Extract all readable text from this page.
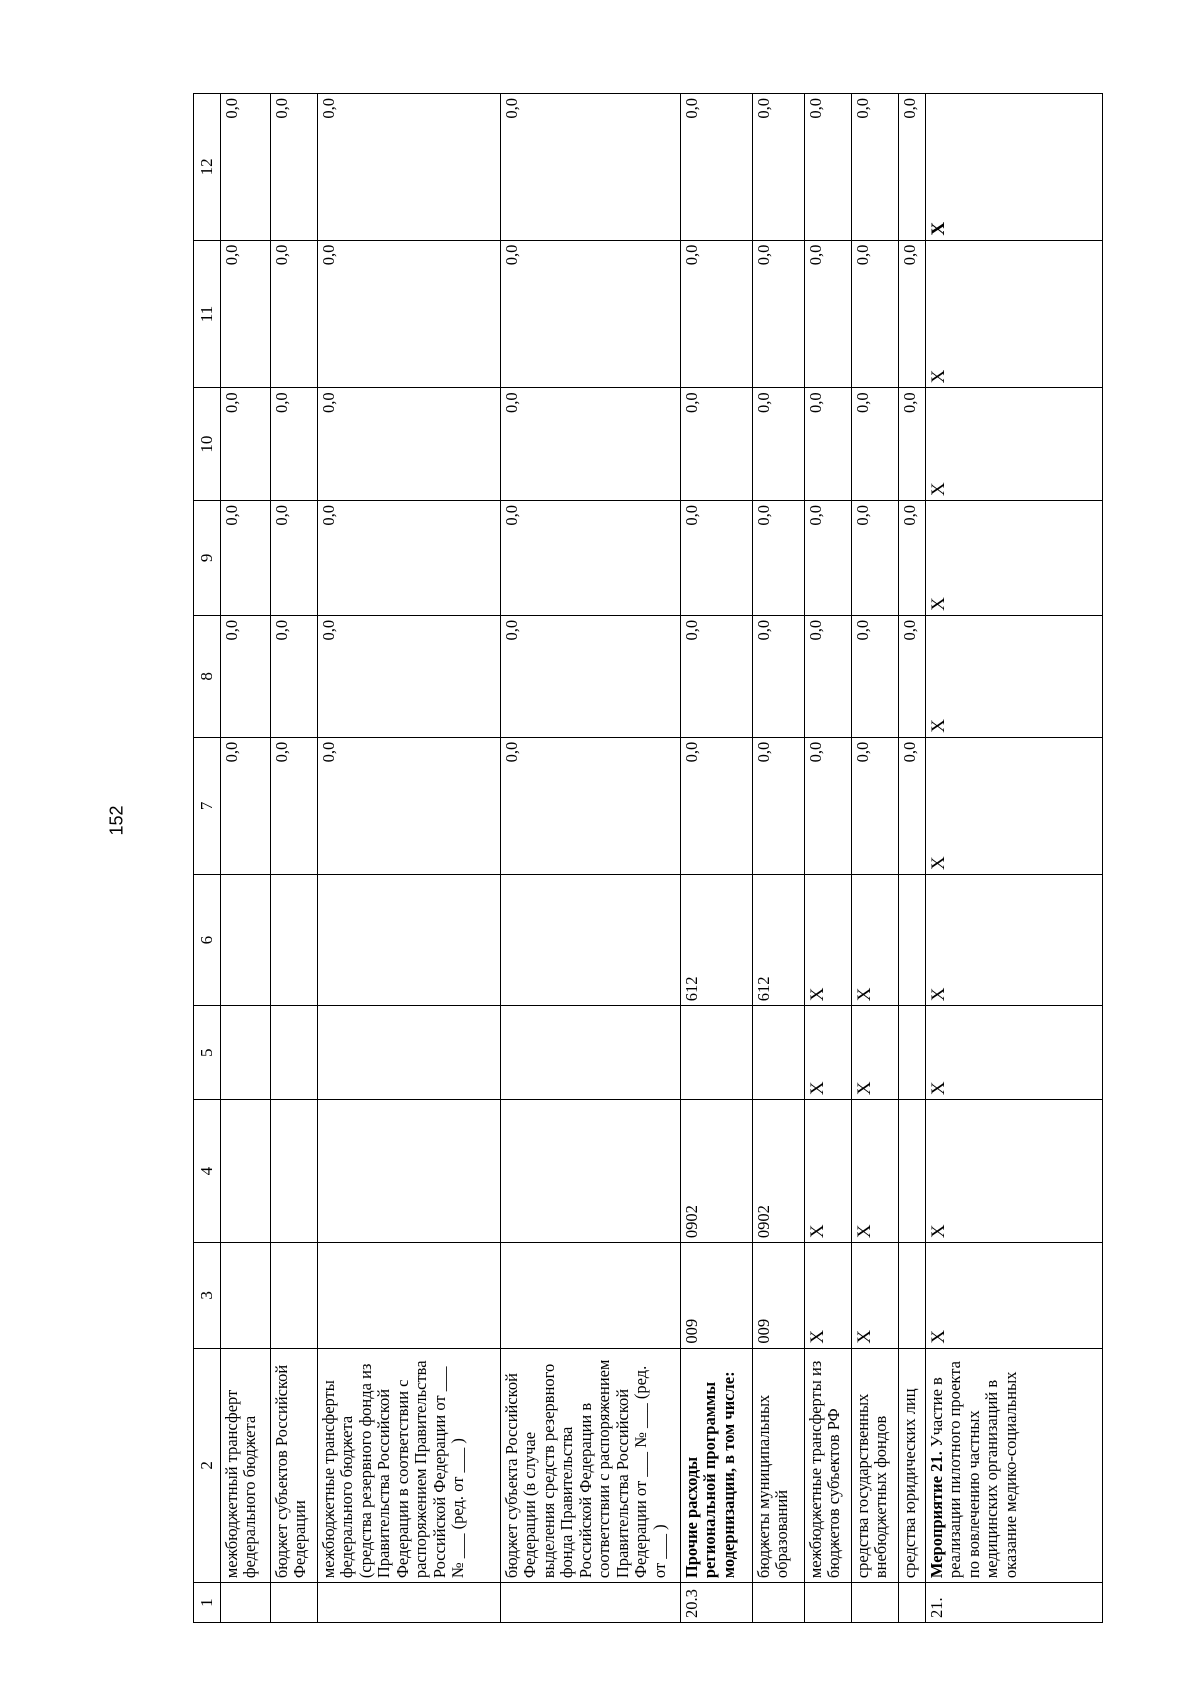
152
1	2	3	4	5	6	7	8	9	10	11	12
	межбюджетный трансферт федерального бюджета					0,0	0,0	0,0	0,0	0,0	0,0
	бюджет субъектов Российской Федерации					0,0	0,0	0,0	0,0	0,0	0,0
	межбюджетные трансферты федерального бюджета (средства резервного фонда из Правительства Российской Федерации в соответствии с распоряжением Правительства Российской Федерации от ___ № ___ (ред. от ___ )					0,0	0,0	0,0	0,0	0,0	0,0
	бюджет субъекта Российской Федерации (в случае выделения средств резервного фонда Правительства Российской Федерации в соответствии с распоряжением Правительства Российской Федерации от ___ № ___ (ред. от ___ )					0,0	0,0	0,0	0,0	0,0	0,0
20.3	Прочие расходы региональной программы модернизации, в том числе:	009	0902		612	0,0	0,0	0,0	0,0	0,0	0,0
	бюджеты муниципальных образований	009	0902		612	0,0	0,0	0,0	0,0	0,0	0,0
	межбюджетные трансферты из бюджетов субъектов РФ	Х	Х	Х	Х	0,0	0,0	0,0	0,0	0,0	0,0
	средства государственных внебюджетных фондов	Х	Х	Х	Х	0,0	0,0	0,0	0,0	0,0	0,0
	средства юридических лиц					0,0	0,0	0,0	0,0	0,0	0,0
21.	Мероприятие 21. Участие в реализации пилотного проекта по вовлечению частных медицинских организаций в оказание медико-социальных	Х	Х	Х	Х	Х	Х	Х	Х	Х	Х
